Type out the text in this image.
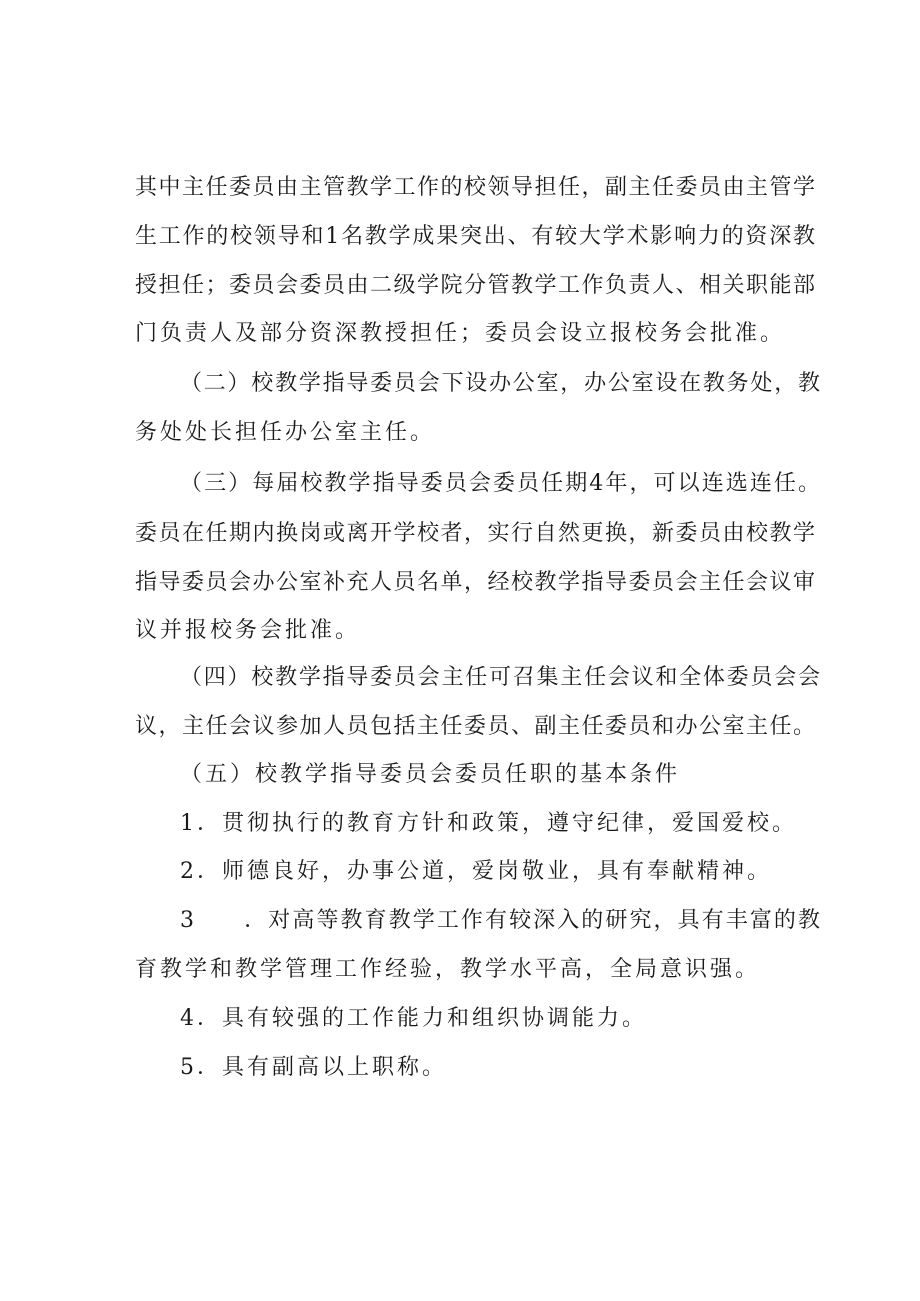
其中主任委员由主管教学工作的校领导担任，副主任委员由主管学
生工作的校领导和1名教学成果突出、有较大学术影响力的资深教
授担任；委员会委员由二级学院分管教学工作负责人、相关职能部
门负责人及部分资深教授担任；委员会设立报校务会批准。
（二）校教学指导委员会下设办公室，办公室设在教务处，教
务处处长担任办公室主任。
（三）每届校教学指导委员会委员任期4年，可以连选连任。
委员在任期内换岗或离开学校者，实行自然更换，新委员由校教学
指导委员会办公室补充人员名单，经校教学指导委员会主任会议审
议并报校务会批准。
（四）校教学指导委员会主任可召集主任会议和全体委员会会
议，主任会议参加人员包括主任委员、副主任委员和办公室主任。
（五）校教学指导委员会委员任职的基本条件
1．贯彻执行的教育方针和政策，遵守纪律，爱国爱校。
2．师德良好，办事公道，爱岗敬业，具有奉献精神。
3　　．对高等教育教学工作有较深入的研究，具有丰富的教
育教学和教学管理工作经验，教学水平高，全局意识强。
4．具有较强的工作能力和组织协调能力。
5．具有副高以上职称。
